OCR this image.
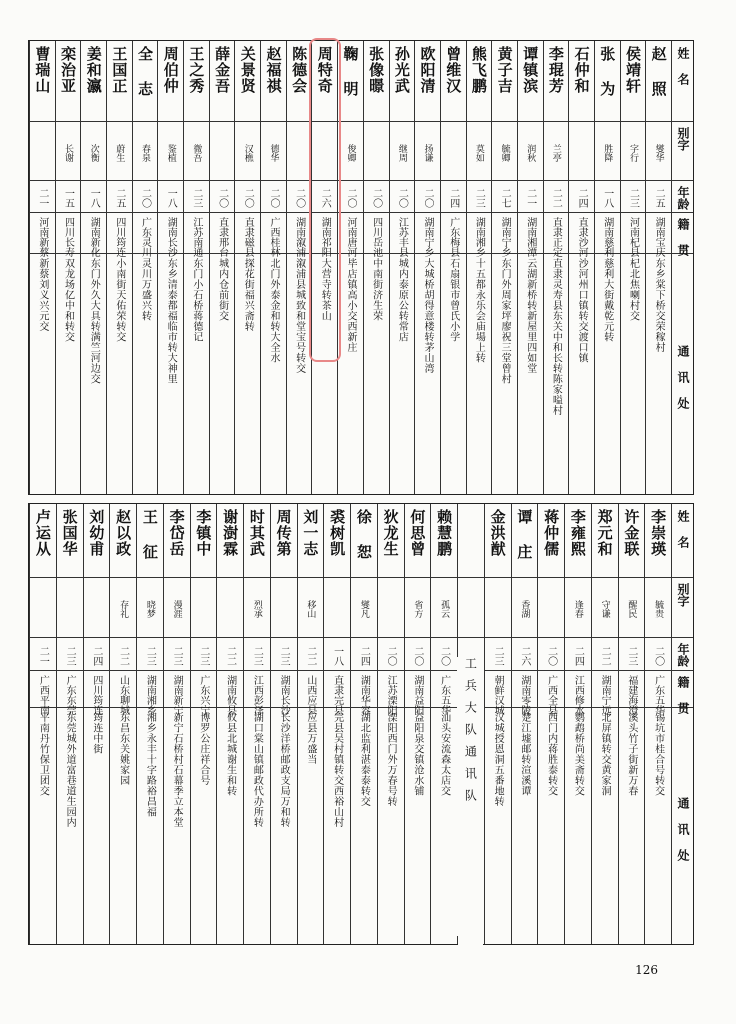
姓 名
别字
年龄
籍 贯
通 讯 处
赵 照
燮华
二五
湖南宝庆
东乡棠下桥交荣稼村
侯靖轩
字行
二三
河南杞县
杞北焦喇村交
张 为
胜降
一八
湖南慈利
慈利大街戴乾元转
石仲和
二四
直隶沙河
沙河州口镇转交渡口镇
李琨芳
兰亭
二二
直隶正定
直隶灵寿县东关中和长转陈家嗌村
谭镇滨
润秋
二一
湖南湘潭
云湖新桥转新屋里四如堂
黄子吉
毓卿
二七
湖南宁乡
东门外周家坪廖祝三堂曾村
熊飞鹏
莫如
二三
湖南湘乡
十五都永乐会庙場上转
曾维汉
二四
广东梅县
石扇银市曾氏小学
欧阳清
扬谦
二〇
湖南宁乡
大城桥胡得意楼转茅山湾
孙光武
继周
二〇
江苏丰县
城内泰原公转常店
张像暻
二〇
四川岳池
中南街济生荣
鞠 明
俊卿
二〇
河南唐河
毕店镇高小交西新庄
周特奇
二六
湖南祁阳
大营寺转茶山
陈德会
二〇
湖南溆浦
溆浦县城致和堂宝号转交
赵福祺
德华
二〇
广西桂林
北门外泰金和转大全水
关景贤
汉樵
二〇
直隶磁县
探花街福兴斋转
薛金吾
二〇
直隶邢台
城内仓前街交
王之秀
微吾
二三
江苏南通
东门小石桥蒋德记
周伯仲
鉴植
一八
湖南长沙
东乡清泰都福临市转大神里
全 志
春泉
二〇
广东灵川
灵川万盛兴转
王国正
蔚生
二五
四川筠连
小南街天佑荣转交
姜和瀛
次衡
一八
湖南新化
东门外久大具转满竺河边交
栾治亚
长谢
一五
四川长寿
双龙场亿中和转交
曹瑞山
二一
河南新蔡
新蔡刘义兴元交
姓 名
别字
年龄
籍 贯
通 讯 处
李崇瑛
毓贵
二〇
广东五华
锡坑市桂合号转交
许金联
醒民
二三
福建海澄
溪头竹子街新万春
郑元和
守谦
二二
湖南宁远
北屏镇转交黄家洞
李雍熙
逢春
二四
江西修水
鹦鹉桥尚美斋转交
蒋仲儒
二〇
广西全县
西门内蒋胜泰转交
谭 庄
香湖
二六
湖南零陵
楚江墟邮转渲溪谭
金洪猷
二三
朝鲜汉城
汉城授恩洞五番地转
工兵大队通讯队
赖慧鹏
孤云
二〇
广东五华
汕头安流森太店交
何思曾
省方
二〇
湖南益阳
益阳泉交镇沧水铺
狄龙生
二〇
江苏溧阳
溧阳西门外万春号转
徐 恕
燮凡
二四
湖南华容
湖北监利湛泰泰转交
裘树凯
一八
直隶完县
完县吴村镇转交西裕山村
刘一志
移山
二二
山西应县
应县万盛当
周传第
二三
湖南长沙
长沙洋桥邮政支局万和转
时其武
烈承
二三
江西彭泽
湖口棠山镇邮政代办所转
谢澍霖
二二
湖南攸县
攸县北城谢生和转
李镇中
二三
广东兴宁
博罗公庄祥合号
李岱岳
漫涯
二三
湖南新宁
新宁石桥村石幕季立本堂
王 征
晓梦
二三
湖南湘乡
湘乡永丰十字路裕昌福
赵以政
存礼
二二
山东聊城
东昌东关姚家园
刘幼甫
二四
四川筠连
筠连中街
张国华
二三
广东东莞
东莞城外道富巷道生园内
卢运从
二一
广西平南
平南丹竹保卫团交
126
